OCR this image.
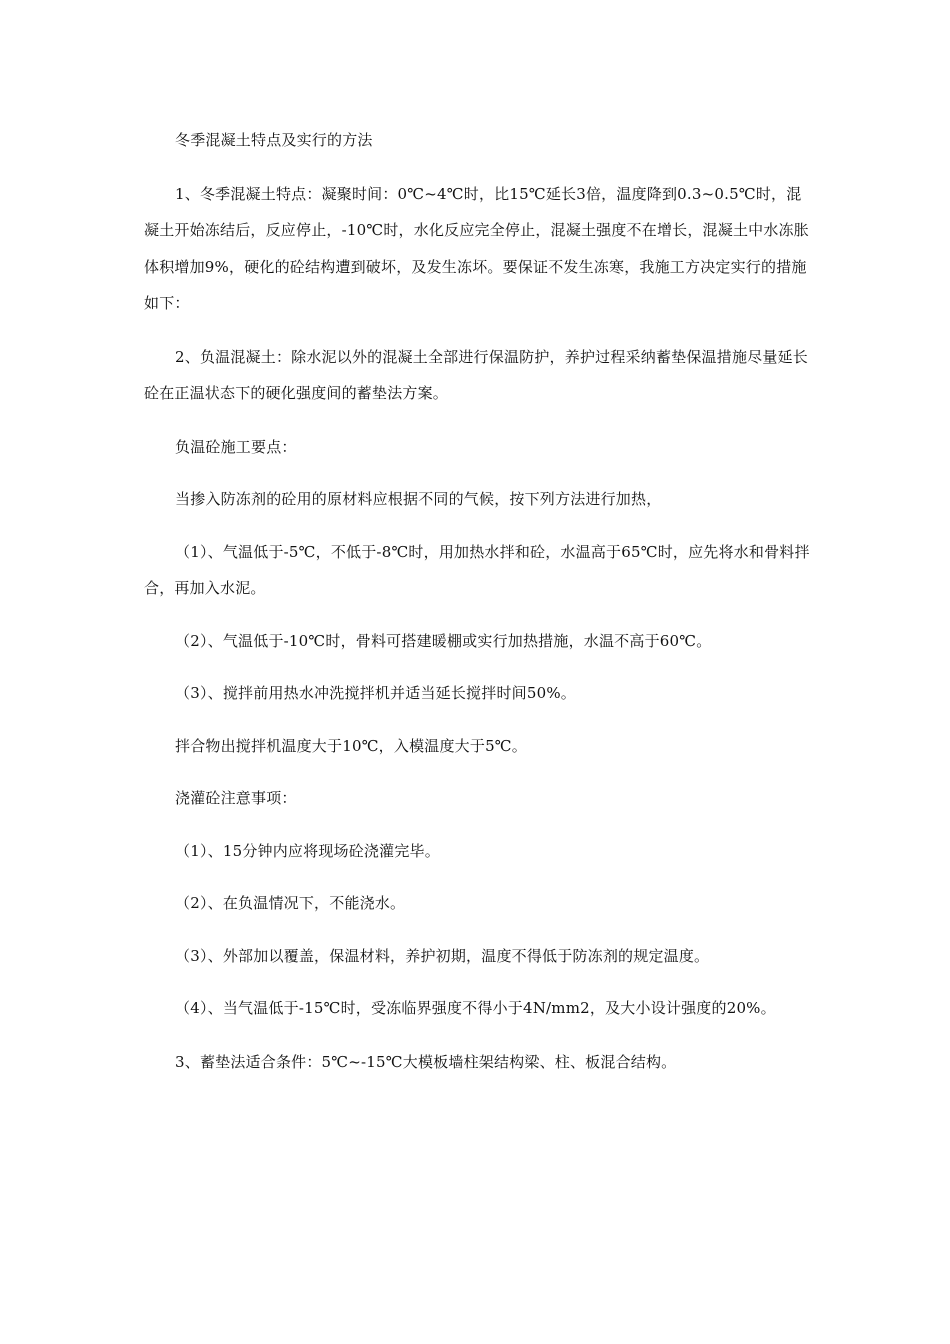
冬季混凝土特点及实行的方法

1、冬季混凝土特点：凝聚时间：0℃~4℃时，比15℃延长3倍，温度降到0.3~0.5℃时，混凝土开始冻结后，反应停止，-10℃时，水化反应完全停止，混凝土强度不在增长，混凝土中水冻胀体积增加9%，硬化的砼结构遭到破坏，及发生冻坏。要保证不发生冻寒，我施工方决定实行的措施如下：

2、负温混凝土：除水泥以外的混凝土全部进行保温防护，养护过程采纳蓄垫保温措施尽量延长砼在正温状态下的硬化强度间的蓄垫法方案。

负温砼施工要点：

当掺入防冻剂的砼用的原材料应根据不同的气候，按下列方法进行加热，

（1）、气温低于-5℃，不低于-8℃时，用加热水拌和砼，水温高于65℃时，应先将水和骨料拌合，再加入水泥。

（2）、气温低于-10℃时，骨料可搭建暖棚或实行加热措施，水温不高于60℃。

（3）、搅拌前用热水冲洗搅拌机并适当延长搅拌时间50%。

拌合物出搅拌机温度大于10℃，入模温度大于5℃。

浇灌砼注意事项：

（1）、15分钟内应将现场砼浇灌完毕。

（2）、在负温情况下，不能浇水。

（3）、外部加以覆盖，保温材料，养护初期，温度不得低于防冻剂的规定温度。

（4）、当气温低于-15℃时，受冻临界强度不得小于4N/mm2，及大小设计强度的20%。

3、蓄垫法适合条件：5℃~-15℃大模板墙柱架结构梁、柱、板混合结构。
